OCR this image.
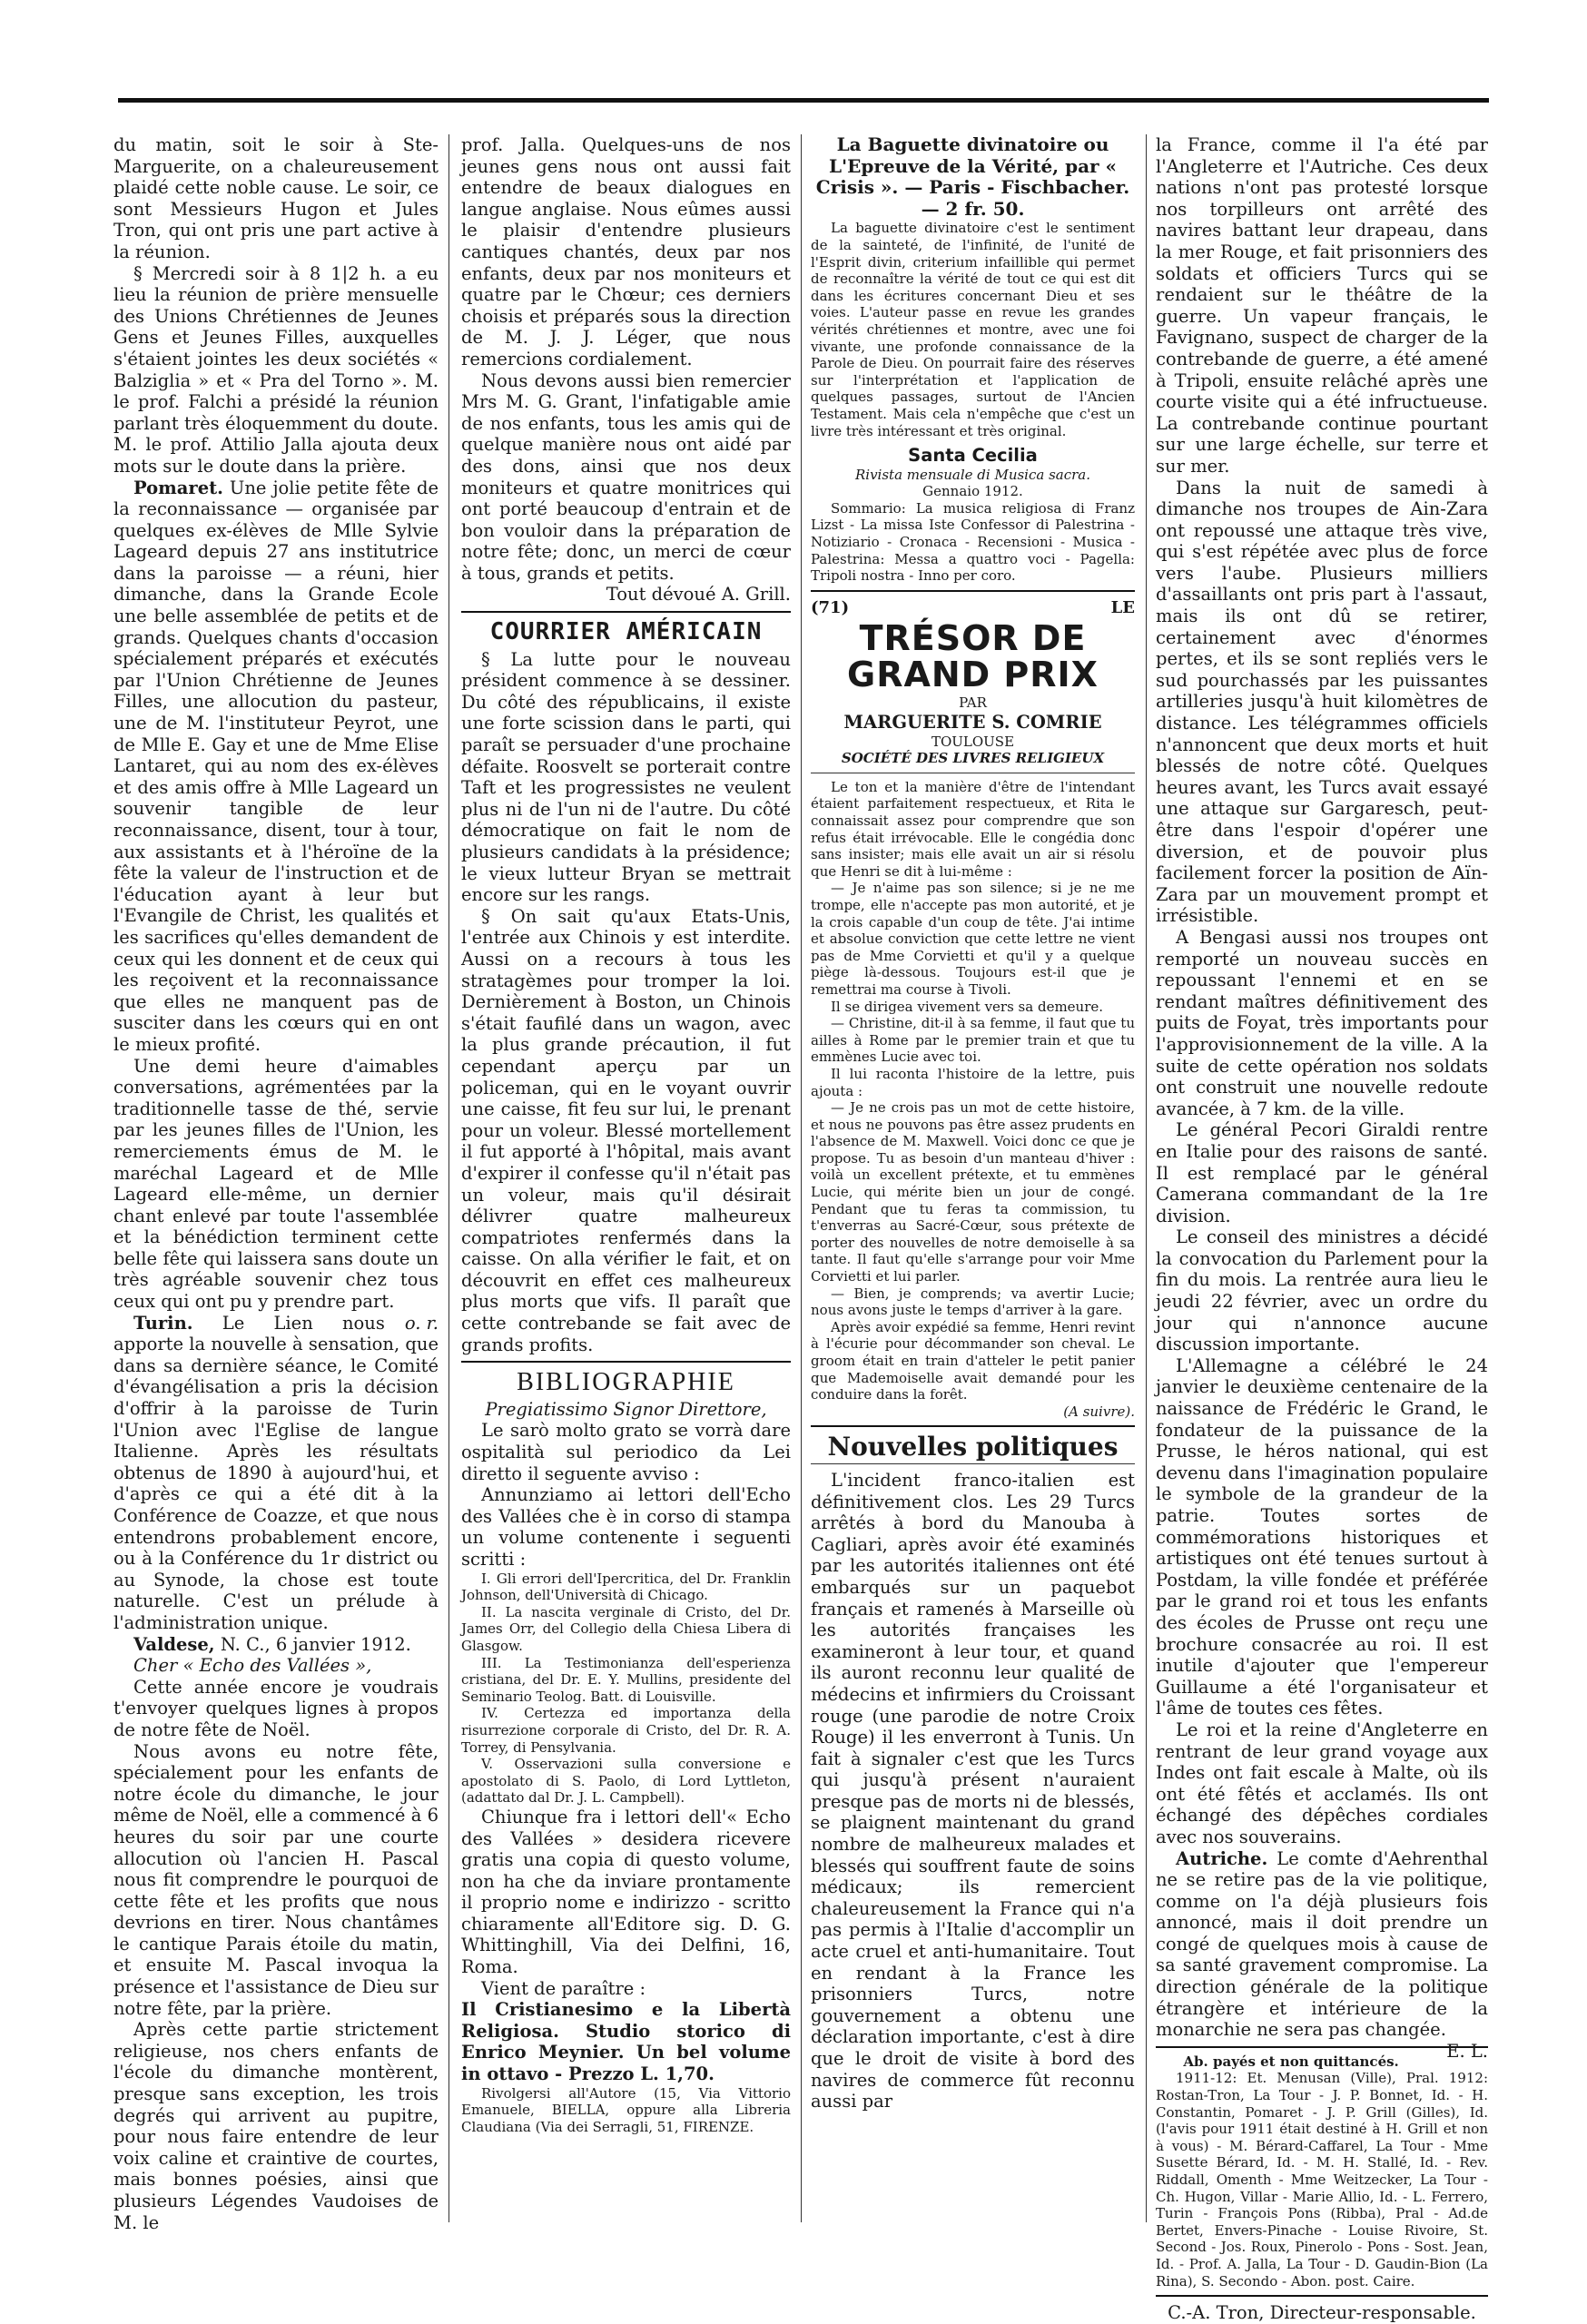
du matin, soit le soir à Ste-Marguerite, on a chaleureusement plaidé cette noble cause. Le soir, ce sont Messieurs Hugon et Jules Tron, qui ont pris une part active à la réunion.

§ Mercredi soir à 8 1|2 h. a eu lieu la réunion de prière mensuelle des Unions Chrétiennes de Jeunes Gens et Jeunes Filles, auxquelles s'étaient jointes les deux sociétés « Balziglia » et « Pra del Torno ». M. le prof. Falchi a présidé la réunion parlant très éloquemment du doute. M. le prof. Attilio Jalla ajouta deux mots sur le doute dans la prière.

Pomaret. Une jolie petite fête de la reconnaissance — organisée par quelques ex-élèves de Mlle Sylvie Lageard depuis 27 ans institutrice dans la paroisse — a réuni, hier dimanche, dans la Grande Ecole une belle assemblée de petits et de grands. Quelques chants d'occasion spécialement préparés et exécutés par l'Union Chrétienne de Jeunes Filles, une allocution du pasteur, une de M. l'instituteur Peyrot, une de Mlle E. Gay et une de Mme Elise Lantaret, qui au nom des ex-élèves et des amis offre à Mlle Lageard un souvenir tangible de leur reconnaissance, disent, tour à tour, aux assistants et à l'héroïne de la fête la valeur de l'instruction et de l'éducation ayant à leur but l'Evangile de Christ, les qualités et les sacrifices qu'elles demandent de ceux qui les donnent et de ceux qui les reçoivent et la reconnaissance que elles ne manquent pas de susciter dans les cœurs qui en ont le mieux profité.

Une demi heure d'aimables conversations, agrémentées par la traditionnelle tasse de thé, servie par les jeunes filles de l'Union, les remerciements émus de M. le maréchal Lageard et de Mlle Lageard elle-même, un dernier chant enlevé par toute l'assemblée et la bénédiction terminent cette belle fête qui laissera sans doute un très agréable souvenir chez tous ceux qui ont pu y prendre part.
o. r.

Turin. Le Lien nous apporte la nouvelle à sensation, que dans sa dernière séance, le Comité d'évangélisation a pris la décision d'offrir à la paroisse de Turin l'Union avec l'Eglise de langue Italienne. Après les résultats obtenus de 1890 à aujourd'hui, et d'après ce qui a été dit à la Conférence de Coazze, et que nous entendrons probablement encore, ou à la Conférence du 1r district ou au Synode, la chose est toute naturelle. C'est un prélude à l'administration unique.

Valdese, N. C., 6 janvier 1912.

Cher « Echo des Vallées »,

Cette année encore je voudrais t'envoyer quelques lignes à propos de notre fête de Noël.

Nous avons eu notre fête, spécialement pour les enfants de notre école du dimanche, le jour même de Noël, elle a commencé à 6 heures du soir par une courte allocution où l'ancien H. Pascal nous fit comprendre le pourquoi de cette fête et les profits que nous devrions en tirer. Nous chantâmes le cantique Parais étoile du matin, et ensuite M. Pascal invoqua la présence et l'assistance de Dieu sur notre fête, par la prière.

Après cette partie strictement religieuse, nos chers enfants de l'école du dimanche montèrent, presque sans exception, les trois degrés qui arrivent au pupitre, pour nous faire entendre de leur voix caline et craintive de courtes, mais bonnes poésies, ainsi que plusieurs Légendes Vaudoises de M. le

prof. Jalla. Quelques-uns de nos jeunes gens nous ont aussi fait entendre de beaux dialogues en langue anglaise. Nous eûmes aussi le plaisir d'entendre plusieurs cantiques chantés, deux par nos enfants, deux par nos moniteurs et quatre par le Chœur; ces derniers choisis et préparés sous la direction de M. J. J. Léger, que nous remercions cordialement.

Nous devons aussi bien remercier Mrs M. G. Grant, l'infatigable amie de nos enfants, tous les amis qui de quelque manière nous ont aidé par des dons, ainsi que nos deux moniteurs et quatre monitrices qui ont porté beaucoup d'entrain et de bon vouloir dans la préparation de notre fête; donc, un merci de cœur à tous, grands et petits.

Tout dévoué A. Grill.

COURRIER AMÉRICAIN

§ La lutte pour le nouveau président commence à se dessiner. Du côté des républicains, il existe une forte scission dans le parti, qui paraît se persuader d'une prochaine défaite. Roosvelt se porterait contre Taft et les progressistes ne veulent plus ni de l'un ni de l'autre. Du côté démocratique on fait le nom de plusieurs candidats à la présidence; le vieux lutteur Bryan se mettrait encore sur les rangs.

§ On sait qu'aux Etats-Unis, l'entrée aux Chinois y est interdite. Aussi on a recours à tous les stratagèmes pour tromper la loi. Dernièrement à Boston, un Chinois s'était faufilé dans un wagon, avec la plus grande précaution, il fut cependant aperçu par un policeman, qui en le voyant ouvrir une caisse, fit feu sur lui, le prenant pour un voleur. Blessé mortellement il fut apporté à l'hôpital, mais avant d'expirer il confesse qu'il n'était pas un voleur, mais qu'il désirait délivrer quatre malheureux compatriotes renfermés dans la caisse. On alla vérifier le fait, et on découvrit en effet ces malheureux plus morts que vifs. Il paraît que cette contrebande se fait avec de grands profits.

BIBLIOGRAPHIE

Pregiatissimo Signor Direttore,

Le sarò molto grato se vorrà dare ospitalità sul periodico da Lei diretto il seguente avviso :

Annunziamo ai lettori dell'Echo des Vallées che è in corso di stampa un volume contenente i seguenti scritti :

I. Gli errori dell'Ipercritica, del Dr. Franklin Johnson, dell'Università di Chicago.

II. La nascita verginale di Cristo, del Dr. James Orr, del Collegio della Chiesa Libera di Glasgow.

III. La Testimonianza dell'esperienza cristiana, del Dr. E. Y. Mullins, presidente del Seminario Teolog. Batt. di Louisville.

IV. Certezza ed importanza della risurrezione corporale di Cristo, del Dr. R. A. Torrey, di Pensylvania.

V. Osservazioni sulla conversione e apostolato di S. Paolo, di Lord Lyttleton, (adattato dal Dr. J. L. Campbell).

Chiunque fra i lettori dell'« Echo des Vallées » desidera ricevere gratis una copia di questo volume, non ha che da inviare prontamente il proprio nome e indirizzo - scritto chiaramente all'Editore sig. D. G. Whittinghill, Via dei Delfini, 16, Roma.

Vient de paraître :

Il Cristianesimo e la Libertà Religiosa. Studio storico di Enrico Meynier. Un bel volume in ottavo - Prezzo L. 1,70.

Rivolgersi all'Autore (15, Via Vittorio Emanuele, BIELLA, oppure alla Libreria Claudiana (Via dei Serragli, 51, FIRENZE.

La Baguette divinatoire ou L'Epreuve de la Vérité, par « Crisis ». — Paris - Fischbacher. — 2 fr. 50.

La baguette divinatoire c'est le sentiment de la sainteté, de l'infinité, de l'unité de l'Esprit divin, criterium infaillible qui permet de reconnaître la vérité de tout ce qui est dit dans les écritures concernant Dieu et ses voies. L'auteur passe en revue les grandes vérités chrétiennes et montre, avec une foi vivante, une profonde connaissance de la Parole de Dieu. On pourrait faire des réserves sur l'interprétation et l'application de quelques passages, surtout de l'Ancien Testament. Mais cela n'empêche que c'est un livre très intéressant et très original.

Santa Cecilia

Rivista mensuale di Musica sacra.

Gennaio 1912.

Sommario: La musica religiosa di Franz Lizst - La missa Iste Confessor di Palestrina - Notiziario - Cronaca - Recensioni - Musica - Palestrina: Messa a quattro voci - Pagella: Tripoli nostra - Inno per coro.

(71)	LE
TRÉSOR DE GRAND PRIX

PAR

MARGUERITE S. COMRIE

TOULOUSE

SOCIÉTÉ DES LIVRES RELIGIEUX

Le ton et la manière d'être de l'intendant étaient parfaitement respectueux, et Rita le connaissait assez pour comprendre que son refus était irrévocable. Elle le congédia donc sans insister; mais elle avait un air si résolu que Henri se dit à lui-même :

— Je n'aime pas son silence; si je ne me trompe, elle n'accepte pas mon autorité, et je la crois capable d'un coup de tête. J'ai intime et absolue conviction que cette lettre ne vient pas de Mme Corvietti et qu'il y a quelque piège là-dessous. Toujours est-il que je remettrai ma course à Tivoli.

Il se dirigea vivement vers sa demeure.

— Christine, dit-il à sa femme, il faut que tu ailles à Rome par le premier train et que tu emmènes Lucie avec toi.

Il lui raconta l'histoire de la lettre, puis ajouta :

— Je ne crois pas un mot de cette histoire, et nous ne pouvons pas être assez prudents en l'absence de M. Maxwell. Voici donc ce que je propose. Tu as besoin d'un manteau d'hiver : voilà un excellent prétexte, et tu emmènes Lucie, qui mérite bien un jour de congé. Pendant que tu feras ta commission, tu t'enverras au Sacré-Cœur, sous prétexte de porter des nouvelles de notre demoiselle à sa tante. Il faut qu'elle s'arrange pour voir Mme Corvietti et lui parler.

— Bien, je comprends; va avertir Lucie; nous avons juste le temps d'arriver à la gare.

Après avoir expédié sa femme, Henri revint à l'écurie pour décommander son cheval. Le groom était en train d'atteler le petit panier que Mademoiselle avait demandé pour les conduire dans la forêt.

(A suivre).

Nouvelles politiques

L'incident franco-italien est définitivement clos. Les 29 Turcs arrêtés à bord du Manouba à Cagliari, après avoir été examinés par les autorités italiennes ont été embarqués sur un paquebot français et ramenés à Marseille où les autorités françaises les examineront à leur tour, et quand ils auront reconnu leur qualité de médecins et infirmiers du Croissant rouge (une parodie de notre Croix Rouge) il les enverront à Tunis. Un fait à signaler c'est que les Turcs qui jusqu'à présent n'auraient presque pas de morts ni de blessés, se plaignent maintenant du grand nombre de malheureux malades et blessés qui souffrent faute de soins médicaux; ils remercient chaleureusement la France qui n'a pas permis à l'Italie d'accomplir un acte cruel et anti-humanitaire. Tout en rendant à la France les prisonniers Turcs, notre gouvernement a obtenu une déclaration importante, c'est à dire que le droit de visite à bord des navires de commerce fût reconnu aussi par

la France, comme il l'a été par l'Angleterre et l'Autriche. Ces deux nations n'ont pas protesté lorsque nos torpilleurs ont arrêté des navires battant leur drapeau, dans la mer Rouge, et fait prisonniers des soldats et officiers Turcs qui se rendaient sur le théâtre de la guerre. Un vapeur français, le Favignano, suspect de charger de la contrebande de guerre, a été amené à Tripoli, ensuite relâché après une courte visite qui a été infructueuse. La contrebande continue pourtant sur une large échelle, sur terre et sur mer.

Dans la nuit de samedi à dimanche nos troupes de Ain-Zara ont repoussé une attaque très vive, qui s'est répétée avec plus de force vers l'aube. Plusieurs milliers d'assaillants ont pris part à l'assaut, mais ils ont dû se retirer, certainement avec d'énormes pertes, et ils se sont repliés vers le sud pourchassés par les puissantes artilleries jusqu'à huit kilomètres de distance. Les télégrammes officiels n'annoncent que deux morts et huit blessés de notre côté. Quelques heures avant, les Turcs avait essayé une attaque sur Gargaresch, peut-être dans l'espoir d'opérer une diversion, et de pouvoir plus facilement forcer la position de Aïn-Zara par un mouvement prompt et irrésistible.

A Bengasi aussi nos troupes ont remporté un nouveau succès en repoussant l'ennemi et en se rendant maîtres définitivement des puits de Foyat, très importants pour l'approvisionnement de la ville. A la suite de cette opération nos soldats ont construit une nouvelle redoute avancée, à 7 km. de la ville.

Le général Pecori Giraldi rentre en Italie pour des raisons de santé. Il est remplacé par le général Camerana commandant de la 1re division.

Le conseil des ministres a décidé la convocation du Parlement pour la fin du mois. La rentrée aura lieu le jeudi 22 février, avec un ordre du jour qui n'annonce aucune discussion importante.

L'Allemagne a célébré le 24 janvier le deuxième centenaire de la naissance de Frédéric le Grand, le fondateur de la puissance de la Prusse, le héros national, qui est devenu dans l'imagination populaire le symbole de la grandeur de la patrie. Toutes sortes de commémorations historiques et artistiques ont été tenues surtout à Postdam, la ville fondée et préférée par le grand roi et tous les enfants des écoles de Prusse ont reçu une brochure consacrée au roi. Il est inutile d'ajouter que l'empereur Guillaume a été l'organisateur et l'âme de toutes ces fêtes.

Le roi et la reine d'Angleterre en rentrant de leur grand voyage aux Indes ont fait escale à Malte, où ils ont été fêtés et acclamés. Ils ont échangé des dépêches cordiales avec nos souverains.

Autriche. Le comte d'Aehrenthal ne se retire pas de la vie politique, comme on l'a déjà plusieurs fois annoncé, mais il doit prendre un congé de quelques mois à cause de sa santé gravement compromise. La direction générale de la politique étrangère et intérieure de la monarchie ne sera pas changée.
E. L.

Ab. payés et non quittancés.

1911-12: Et. Menusan (Ville), Pral. 1912: Rostan-Tron, La Tour - J. P. Bonnet, Id. - H. Constantin, Pomaret - J. P. Grill (Gilles), Id. (l'avis pour 1911 était destiné à H. Grill et non à vous) - M. Bérard-Caffarel, La Tour - Mme Susette Bérard, Id. - M. H. Stallé, Id. - Rev. Riddall, Omenth - Mme Weitzecker, La Tour - Ch. Hugon, Villar - Marie Allio, Id. - L. Ferrero, Turin - François Pons (Ribba), Pral - Ad.de Bertet, Envers-Pinache - Louise Rivoire, St. Second - Jos. Roux, Pinerolo - Pons - Sost. Jean, Id. - Prof. A. Jalla, La Tour - D. Gaudin-Bion (La Rina), S. Secondo - Abon. post. Caire.

C.-A. Tron, Directeur-responsable.
